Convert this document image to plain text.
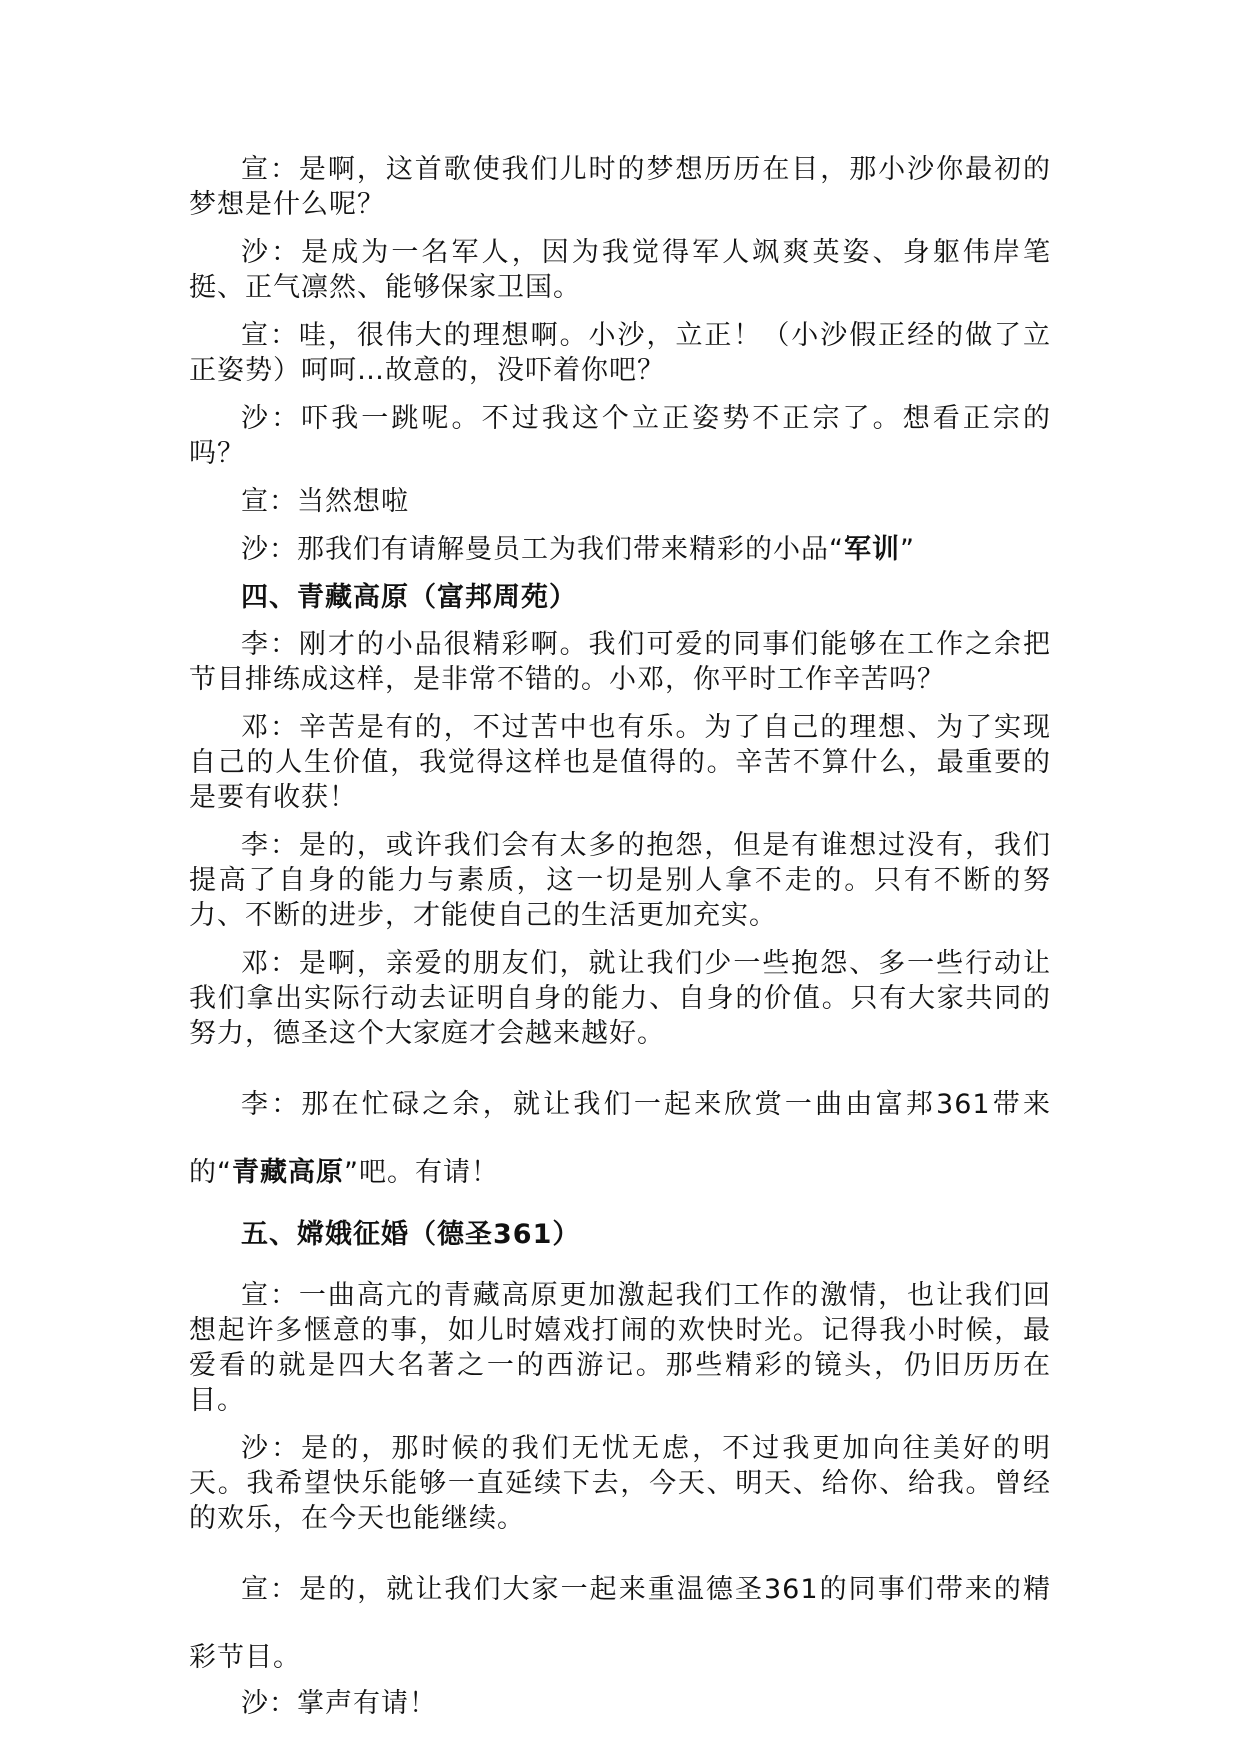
宣：是啊，这首歌使我们儿时的梦想历历在目，那小沙你最初的梦想是什么呢？

沙：是成为一名军人，因为我觉得军人飒爽英姿、身躯伟岸笔挺、正气凛然、能够保家卫国。

宣：哇，很伟大的理想啊。小沙，立正！（小沙假正经的做了立正姿势）呵呵…故意的，没吓着你吧？

沙：吓我一跳呢。不过我这个立正姿势不正宗了。想看正宗的吗？

宣：当然想啦

沙：那我们有请解曼员工为我们带来精彩的小品“军训”

四、青藏高原（富邦周苑）

李：刚才的小品很精彩啊。我们可爱的同事们能够在工作之余把节目排练成这样，是非常不错的。小邓，你平时工作辛苦吗？

邓：辛苦是有的，不过苦中也有乐。为了自己的理想、为了实现自己的人生价值，我觉得这样也是值得的。辛苦不算什么，最重要的是要有收获！

李：是的，或许我们会有太多的抱怨，但是有谁想过没有，我们提高了自身的能力与素质，这一切是别人拿不走的。只有不断的努力、不断的进步，才能使自己的生活更加充实。

邓：是啊，亲爱的朋友们，就让我们少一些抱怨、多一些行动让我们拿出实际行动去证明自身的能力、自身的价值。只有大家共同的努力，德圣这个大家庭才会越来越好。

李：那在忙碌之余，就让我们一起来欣赏一曲由富邦361带来的“青藏高原”吧。有请！

五、嫦娥征婚（德圣361）

宣：一曲高亢的青藏高原更加激起我们工作的激情，也让我们回想起许多惬意的事，如儿时嬉戏打闹的欢快时光。记得我小时候，最爱看的就是四大名著之一的西游记。那些精彩的镜头，仍旧历历在目。

沙：是的，那时候的我们无忧无虑，不过我更加向往美好的明天。我希望快乐能够一直延续下去，今天、明天、给你、给我。曾经的欢乐，在今天也能继续。

宣：是的，就让我们大家一起来重温德圣361的同事们带来的精彩节目。

沙：掌声有请！
